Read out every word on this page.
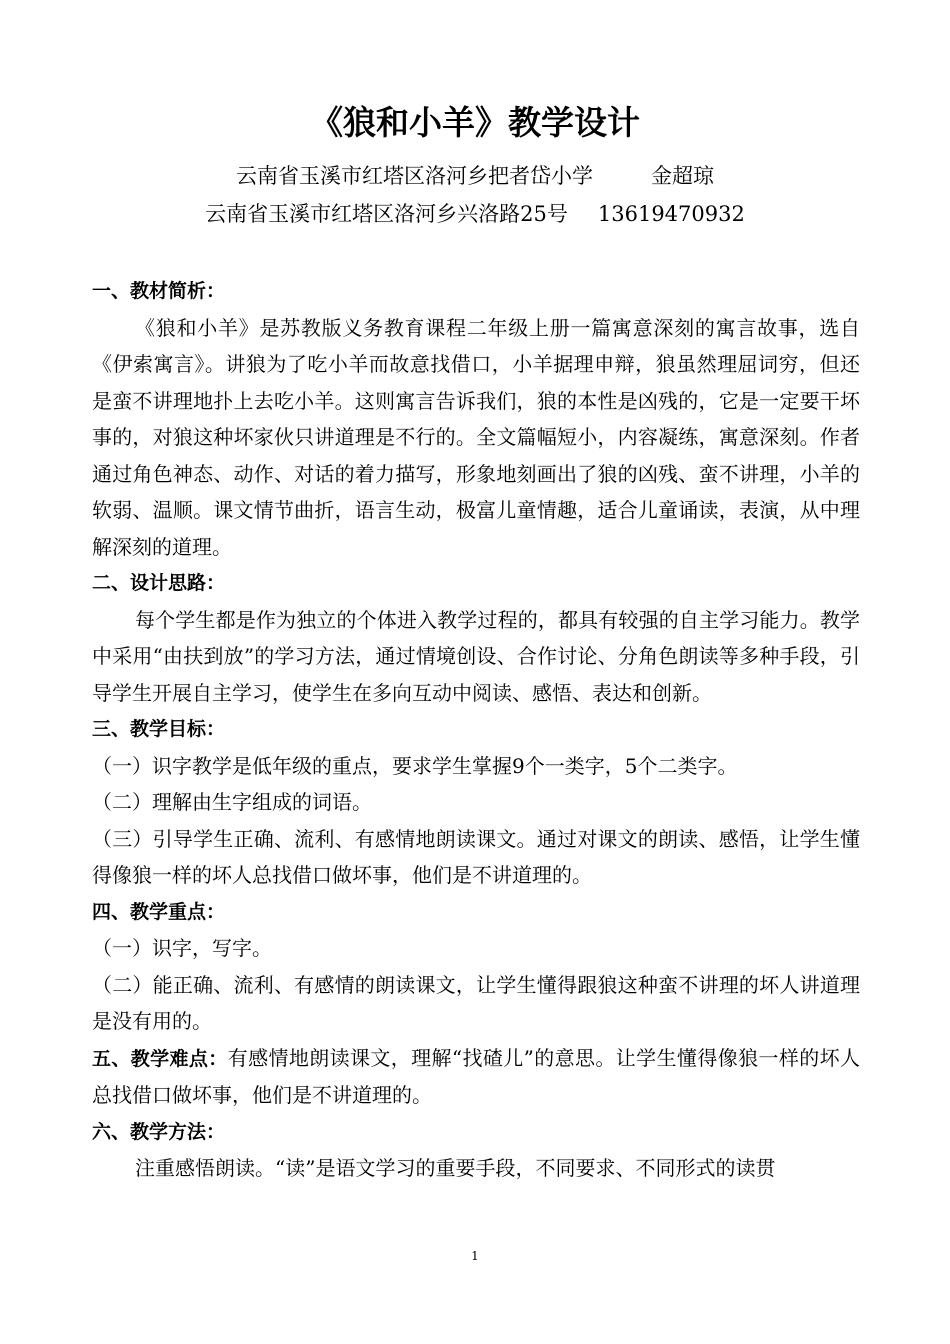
《狼和小羊》教学设计
云南省玉溪市红塔区洛河乡把者岱小学	金超琼
云南省玉溪市红塔区洛河乡兴洛路25号 13619470932

一、教材简析：

《狼和小羊》是苏教版义务教育课程二年级上册一篇寓意深刻的寓言故事，选自《伊索寓言》。讲狼为了吃小羊而故意找借口，小羊据理申辩，狼虽然理屈词穷，但还是蛮不讲理地扑上去吃小羊。这则寓言告诉我们，狼的本性是凶残的，它是一定要干坏事的，对狼这种坏家伙只讲道理是不行的。全文篇幅短小，内容凝练，寓意深刻。作者通过角色神态、动作、对话的着力描写，形象地刻画出了狼的凶残、蛮不讲理，小羊的软弱、温顺。课文情节曲折，语言生动，极富儿童情趣，适合儿童诵读，表演，从中理解深刻的道理。

二、设计思路：

每个学生都是作为独立的个体进入教学过程的，都具有较强的自主学习能力。教学中采用“由扶到放”的学习方法，通过情境创设、合作讨论、分角色朗读等多种手段，引导学生开展自主学习，使学生在多向互动中阅读、感悟、表达和创新。

三、教学目标：

（一）识字教学是低年级的重点，要求学生掌握9个一类字，5个二类字。

（二）理解由生字组成的词语。

（三）引导学生正确、流利、有感情地朗读课文。通过对课文的朗读、感悟，让学生懂得像狼一样的坏人总找借口做坏事，他们是不讲道理的。

四、教学重点：

（一）识字，写字。

（二）能正确、流利、有感情的朗读课文，让学生懂得跟狼这种蛮不讲理的坏人讲道理是没有用的。

五、教学难点：有感情地朗读课文，理解“找碴儿”的意思。让学生懂得像狼一样的坏人总找借口做坏事，他们是不讲道理的。

六、教学方法：

注重感悟朗读。“读”是语文学习的重要手段，不同要求、不同形式的读贯

1
